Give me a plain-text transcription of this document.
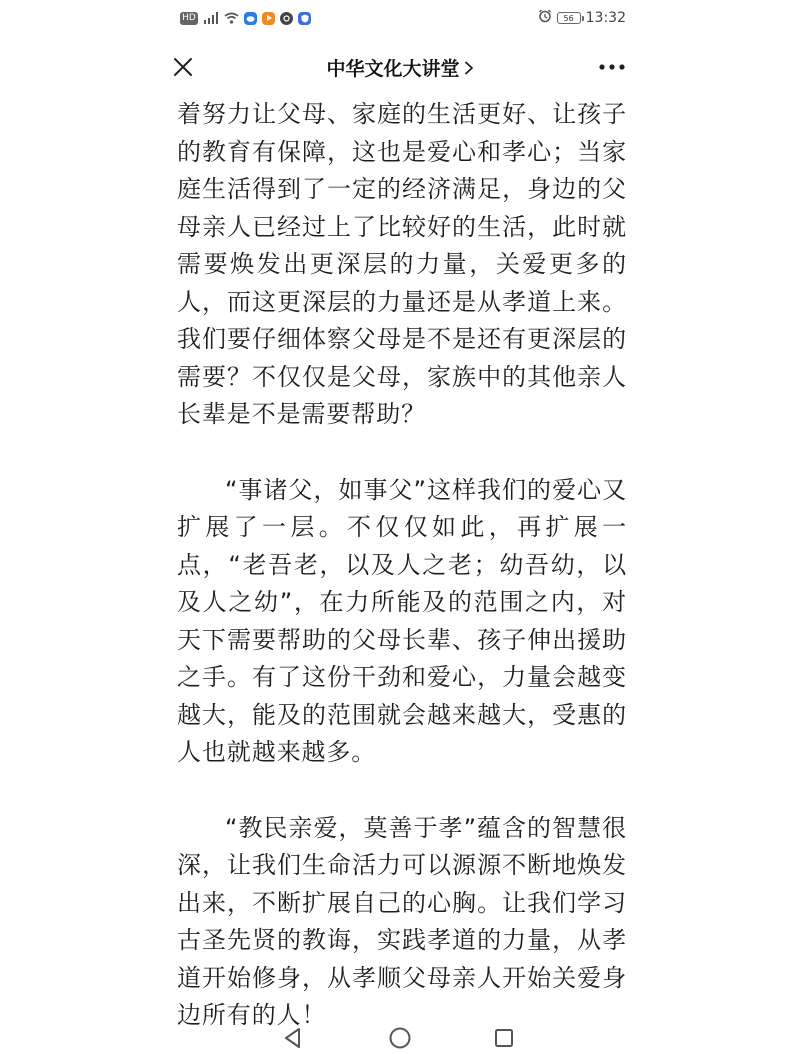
HD	56 13:32
中华文化大讲堂

着努力让父母、家庭的生活更好、让孩子的教育有保障，这也是爱心和孝心；当家庭生活得到了一定的经济满足，身边的父母亲人已经过上了比较好的生活，此时就需要焕发出更深层的力量，关爱更多的人，而这更深层的力量还是从孝道上来。我们要仔细体察父母是不是还有更深层的需要？不仅仅是父母，家族中的其他亲人长辈是不是需要帮助？

“事诸父，如事父”这样我们的爱心又扩展了一层。不仅仅如此，再扩展一点，“老吾老，以及人之老；幼吾幼，以及人之幼”，在力所能及的范围之内，对天下需要帮助的父母长辈、孩子伸出援助之手。有了这份干劲和爱心，力量会越变越大，能及的范围就会越来越大，受惠的人也就越来越多。

“教民亲爱，莫善于孝”蕴含的智慧很深，让我们生命活力可以源源不断地焕发出来，不断扩展自己的心胸。让我们学习古圣先贤的教诲，实践孝道的力量，从孝道开始修身，从孝顺父母亲人开始关爱身边所有的人！
